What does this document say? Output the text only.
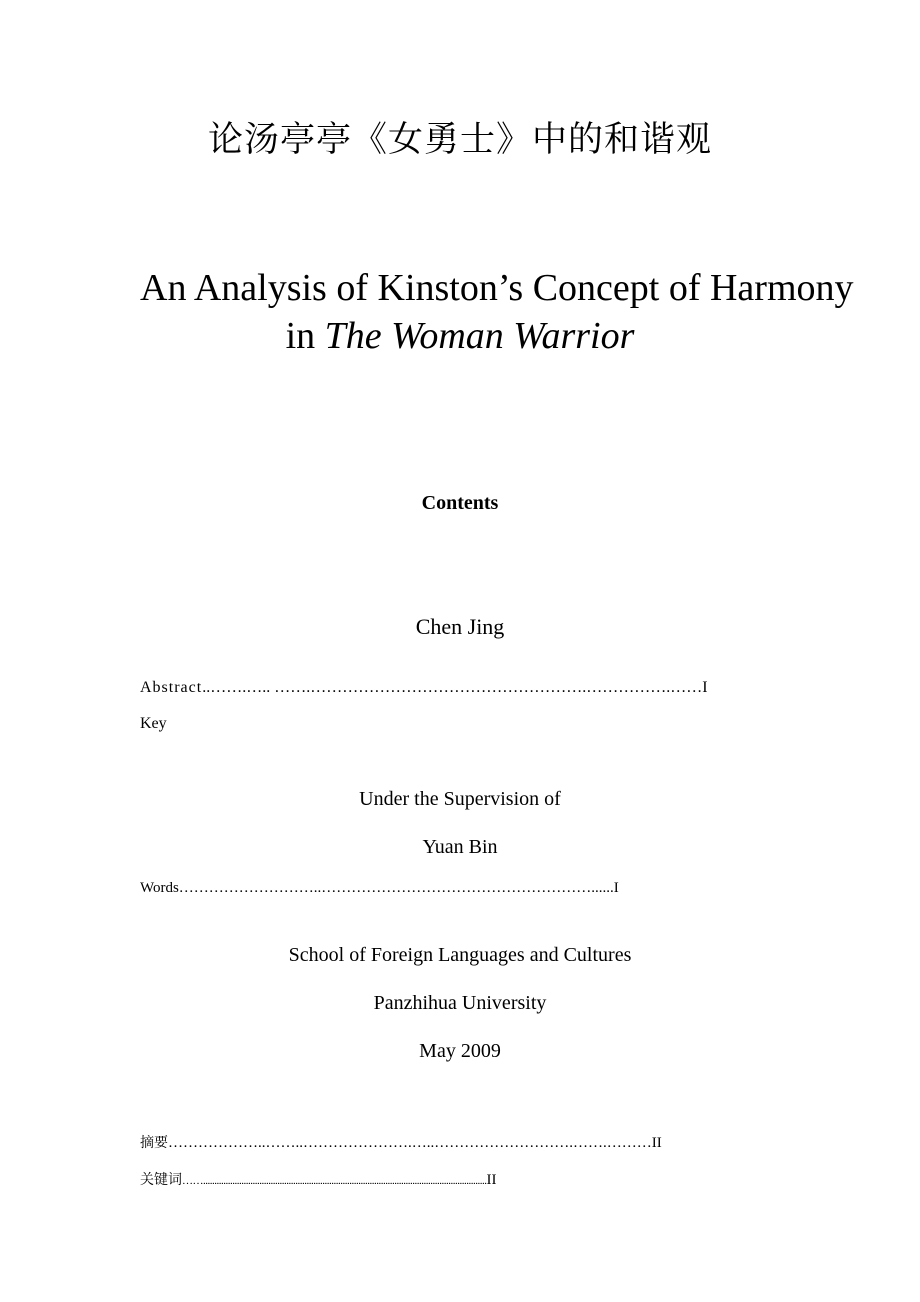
论汤亭亭《女勇士》中的和谐观
An Analysis of Kinston’s Concept of Harmony
in The Woman Warrior
Contents
Chen Jing
Abstract..…….….. …….…………………………………………….…………….……I
Key
Under the Supervision of
Yuan Bin
Words………………………..………………………………………………......I
School of Foreign Languages and Cultures
Panzhihua University
May 2009
摘要………………..……..………………….…..……………………….…….………II
关键词……..............................................................................................................................II
